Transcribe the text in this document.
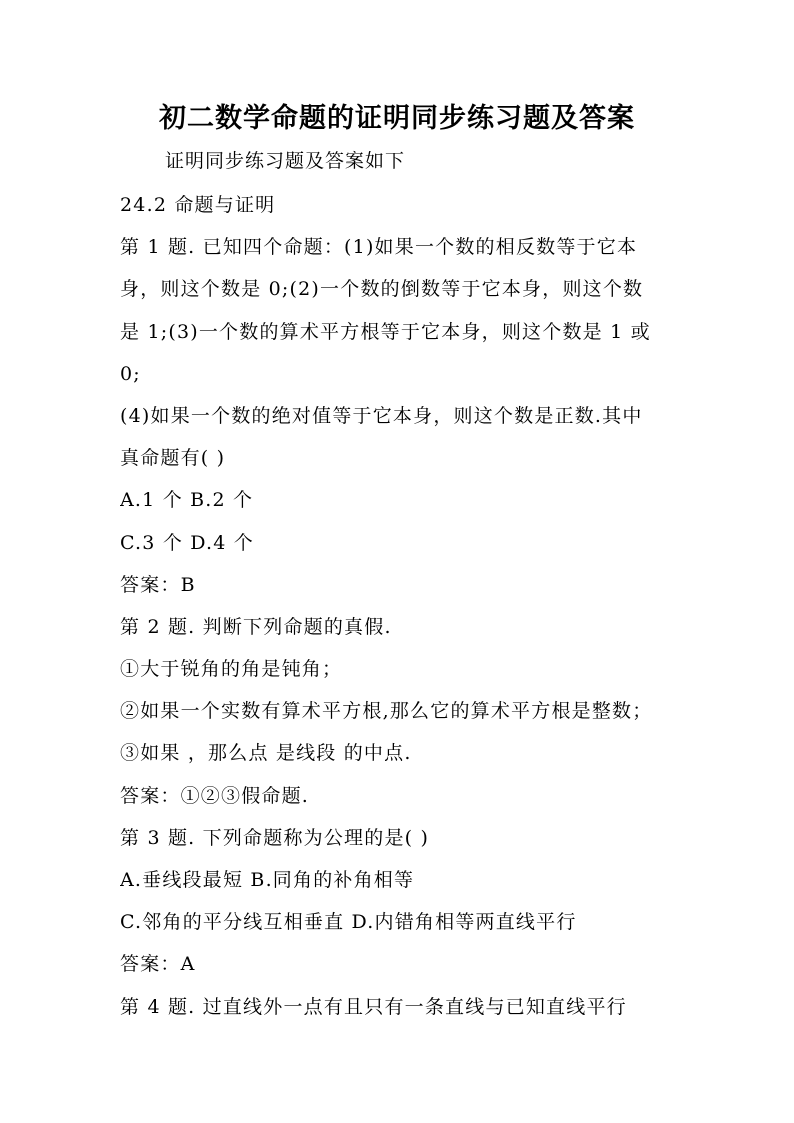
初二数学命题的证明同步练习题及答案
证明同步练习题及答案如下
24.2 命题与证明
第 1 题. 已知四个命题：(1)如果一个数的相反数等于它本
身，则这个数是 0;(2)一个数的倒数等于它本身，则这个数
是 1;(3)一个数的算术平方根等于它本身，则这个数是 1 或
0;
(4)如果一个数的绝对值等于它本身，则这个数是正数.其中
真命题有( )
A.1 个 B.2 个
C.3 个 D.4 个
答案：B
第 2 题. 判断下列命题的真假.
①大于锐角的角是钝角；
②如果一个实数有算术平方根,那么它的算术平方根是整数；
③如果 ，那么点 是线段 的中点.
答案：①②③假命题.
第 3 题. 下列命题称为公理的是( )
A.垂线段最短 B.同角的补角相等
C.邻角的平分线互相垂直 D.内错角相等两直线平行
答案：A
第 4 题. 过直线外一点有且只有一条直线与已知直线平行
